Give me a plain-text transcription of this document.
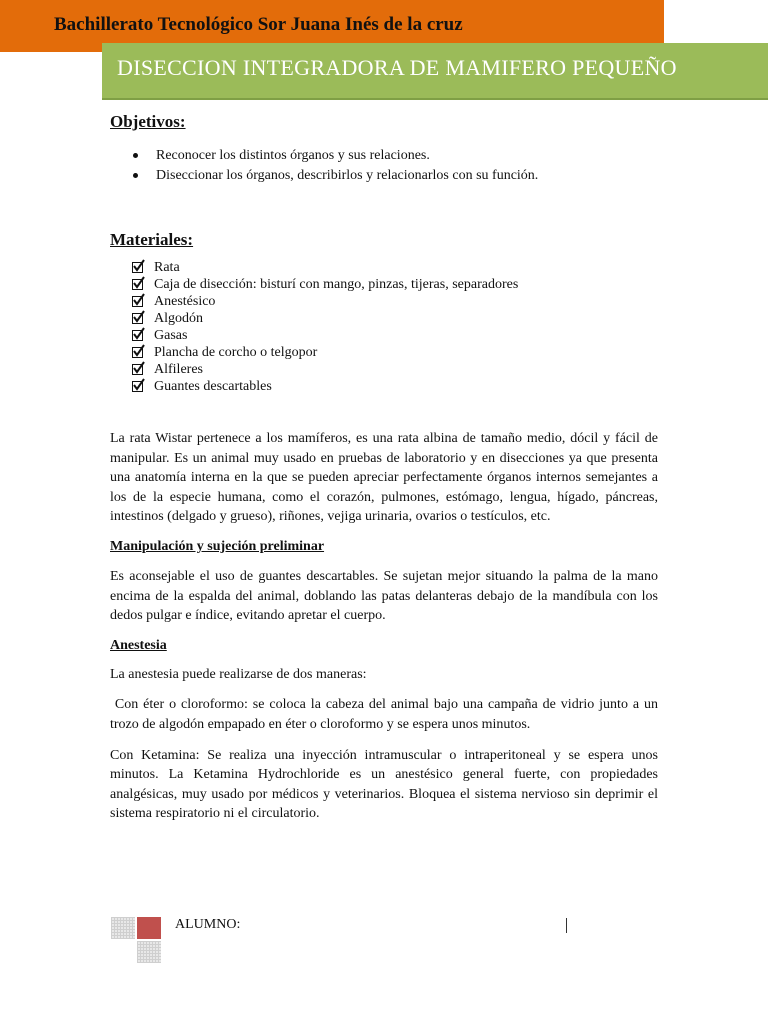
Bachillerato Tecnológico Sor Juana Inés de la cruz
DISECCION INTEGRADORA DE MAMIFERO PEQUEÑO
Objetivos:
Reconocer los distintos órganos y sus relaciones.
Diseccionar los órganos, describirlos y relacionarlos con su función.
Materiales:
Rata
Caja de disección: bisturí con mango, pinzas, tijeras, separadores
Anestésico
Algodón
Gasas
Plancha de corcho o telgopor
Alfileres
Guantes descartables

La rata Wistar pertenece a los mamíferos, es una rata albina de tamaño medio, dócil y fácil de manipular. Es un animal muy usado en pruebas de laboratorio y en disecciones ya que presenta una anatomía interna en la que se pueden apreciar perfectamente órganos internos semejantes a los de la especie humana, como el corazón, pulmones, estómago, lengua, hígado, páncreas, intestinos (delgado y grueso), riñones, vejiga urinaria, ovarios o testículos, etc.

Manipulación y sujeción preliminar

Es aconsejable el uso de guantes descartables. Se sujetan mejor situando la palma de la mano encima de la espalda del animal, doblando las patas delanteras debajo de la mandíbula con los dedos pulgar e índice, evitando apretar el cuerpo.

Anestesia

La anestesia puede realizarse de dos maneras:

Con éter o cloroformo: se coloca la cabeza del animal bajo una campaña de vidrio junto a un trozo de algodón empapado en éter o cloroformo y se espera unos minutos.

Con Ketamina: Se realiza una inyección intramuscular o intraperitoneal y se espera unos minutos. La Ketamina Hydrochloride es un anestésico general fuerte, con propiedades analgésicas, muy usado por médicos y veterinarios. Bloquea el sistema nervioso sin deprimir el sistema respiratorio ni el circulatorio.

ALUMNO:
